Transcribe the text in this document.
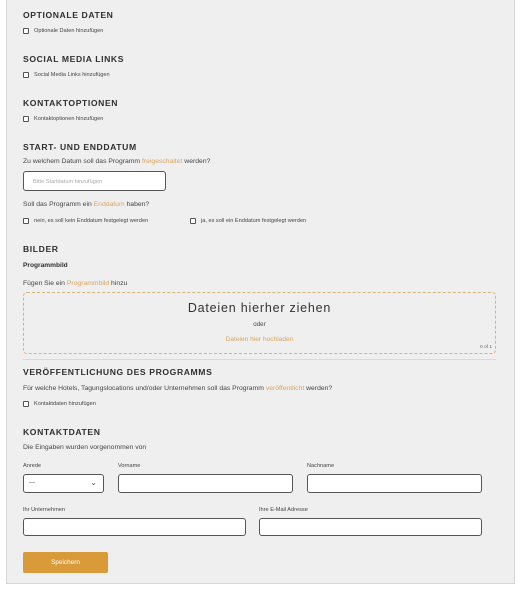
OPTIONALE DATEN
Optionale Daten hinzufügen
SOCIAL MEDIA LINKS
Social Media Links hinzufügen
KONTAKTOPTIONEN
Kontaktoptionen hinzufügen
START- UND ENDDATUM
Zu welchem Datum soll das Programm freigeschaltet werden?
Bitte Startdatum hinzufügen
Soll das Programm ein Enddatum haben?
nein, es soll kein Enddatum festgelegt werden	ja, es soll ein Enddatum festgelegt werden
BILDER
Programmbild
Fügen Sie ein Programmbild hinzu
Dateien hierher ziehen
oder
Dateien hier hochladen
0 of 1
VERÖFFENTLICHUNG DES PROGRAMMS
Für welche Hotels, Tagungslocations und/oder Unternehmen soll das Programm veröffentlicht werden?
Kontaktdaten hinzufügen
KONTAKTDATEN
Die Eingaben wurden vorgenommen von
Anrede
---	⌄
Vorname	Nachname
Ihr Unternehmen	Ihre E-Mail Adresse
Speichern
